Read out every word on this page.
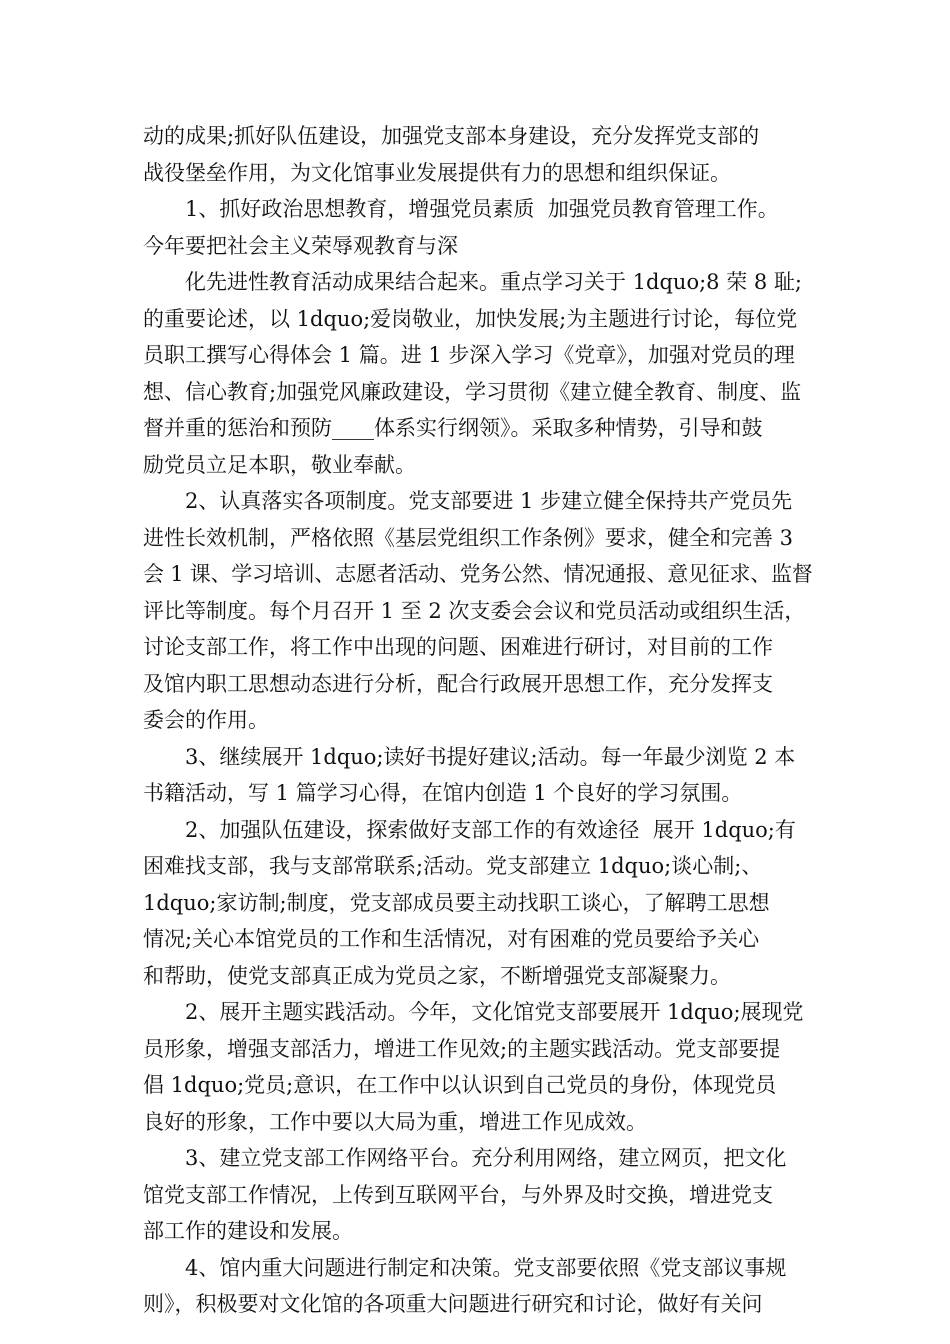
动的成果;抓好队伍建设，加强党支部本身建设，充分发挥党支部的
战役堡垒作用，为文化馆事业发展提供有力的思想和组织保证。
1、抓好政治思想教育，增强党员素质  加强党员教育管理工作。
今年要把社会主义荣辱观教育与深
化先进性教育活动成果结合起来。重点学习关于 1dquo;8 荣 8 耻;
的重要论述，以 1dquo;爱岗敬业，加快发展;为主题进行讨论，每位党
员职工撰写心得体会 1 篇。进 1 步深入学习《党章》，加强对党员的理
想、信心教育;加强党风廉政建设，学习贯彻《建立健全教育、制度、监
督并重的惩治和预防____体系实行纲领》。采取多种情势，引导和鼓
励党员立足本职，敬业奉献。
2、认真落实各项制度。党支部要进 1 步建立健全保持共产党员先
进性长效机制，严格依照《基层党组织工作条例》要求，健全和完善 3
会 1 课、学习培训、志愿者活动、党务公然、情况通报、意见征求、监督
评比等制度。每个月召开 1 至 2 次支委会会议和党员活动或组织生活，
讨论支部工作，将工作中出现的问题、困难进行研讨，对目前的工作
及馆内职工思想动态进行分析，配合行政展开思想工作，充分发挥支
委会的作用。
3、继续展开 1dquo;读好书提好建议;活动。每一年最少浏览 2 本
书籍活动，写 1 篇学习心得，在馆内创造 1 个良好的学习氛围。
2、加强队伍建设，探索做好支部工作的有效途径  展开 1dquo;有
困难找支部，我与支部常联系;活动。党支部建立 1dquo;谈心制;、
1dquo;家访制;制度，党支部成员要主动找职工谈心，了解聘工思想
情况;关心本馆党员的工作和生活情况，对有困难的党员要给予关心
和帮助，使党支部真正成为党员之家，不断增强党支部凝聚力。
2、展开主题实践活动。今年，文化馆党支部要展开 1dquo;展现党
员形象，增强支部活力，增进工作见效;的主题实践活动。党支部要提
倡 1dquo;党员;意识，在工作中以认识到自己党员的身份，体现党员
良好的形象，工作中要以大局为重，增进工作见成效。
3、建立党支部工作网络平台。充分利用网络，建立网页，把文化
馆党支部工作情况，上传到互联网平台，与外界及时交换，增进党支
部工作的建设和发展。
4、馆内重大问题进行制定和决策。党支部要依照《党支部议事规
则》，积极要对文化馆的各项重大问题进行研究和讨论，做好有关问
